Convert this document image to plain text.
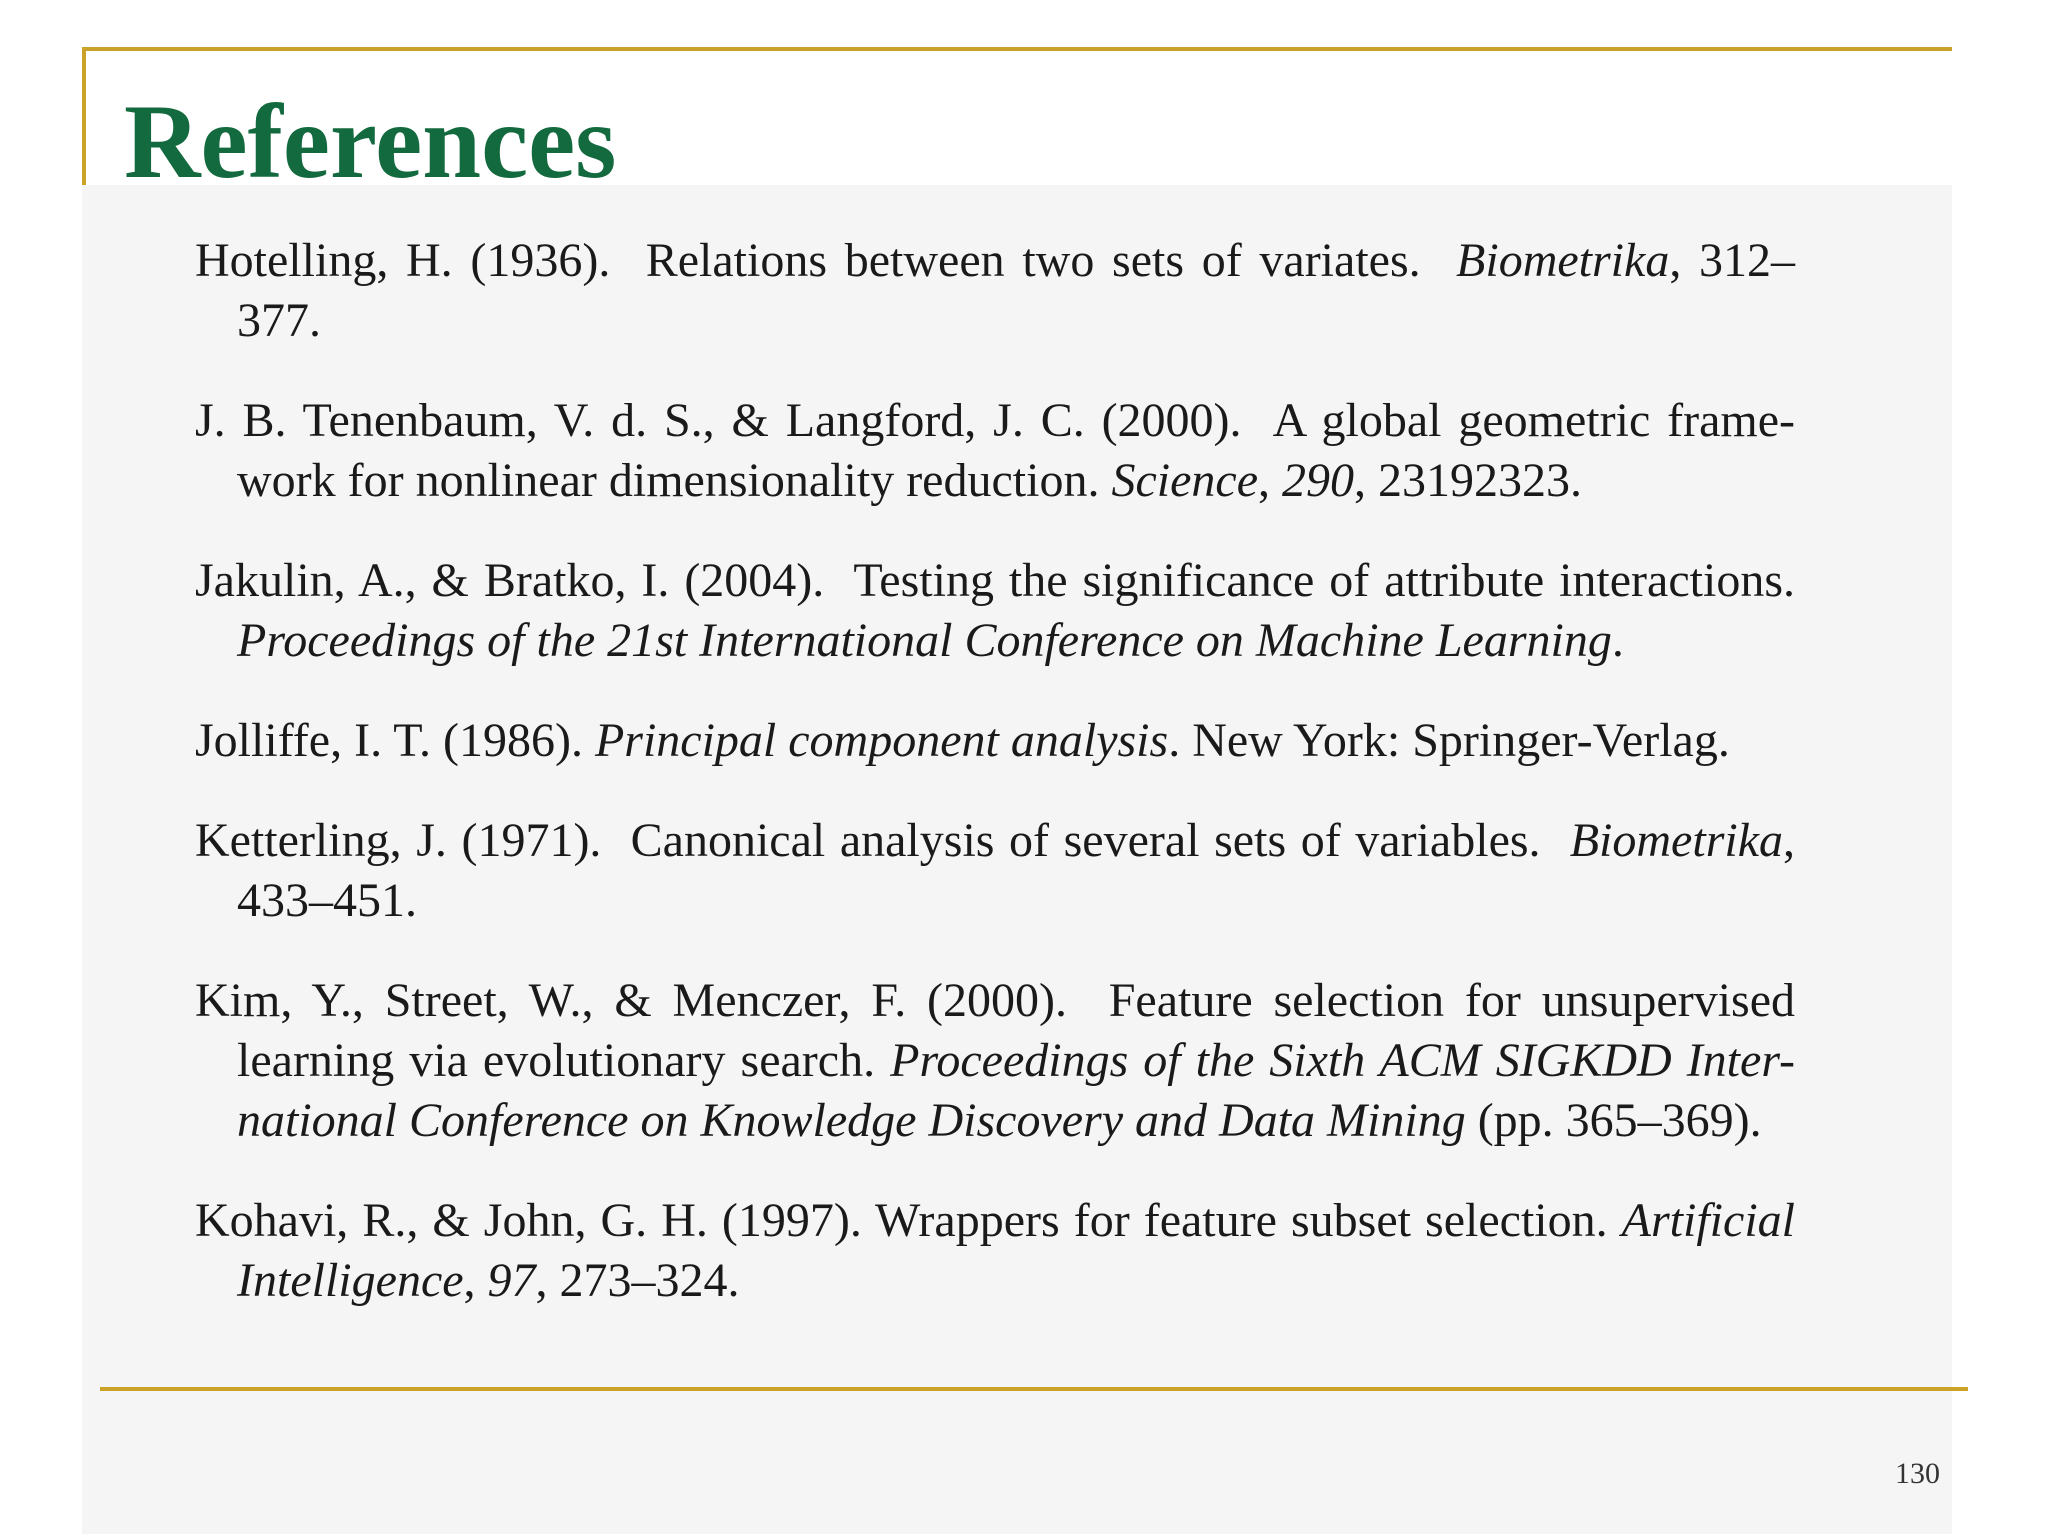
References
Hotelling, H. (1936). Relations between two sets of variates. Biometrika, 312–377.
J. B. Tenenbaum, V. d. S., & Langford, J. C. (2000). A global geometric frame-work for nonlinear dimensionality reduction. Science, 290, 23192323.
Jakulin, A., & Bratko, I. (2004). Testing the significance of attribute interactions. Proceedings of the 21st International Conference on Machine Learning.
Jolliffe, I. T. (1986). Principal component analysis. New York: Springer-Verlag.
Ketterling, J. (1971). Canonical analysis of several sets of variables. Biometrika, 433–451.
Kim, Y., Street, W., & Menczer, F. (2000). Feature selection for unsupervised learning via evolutionary search. Proceedings of the Sixth ACM SIGKDD Inter-national Conference on Knowledge Discovery and Data Mining (pp. 365–369).
Kohavi, R., & John, G. H. (1997). Wrappers for feature subset selection. Artificial Intelligence, 97, 273–324.
130
